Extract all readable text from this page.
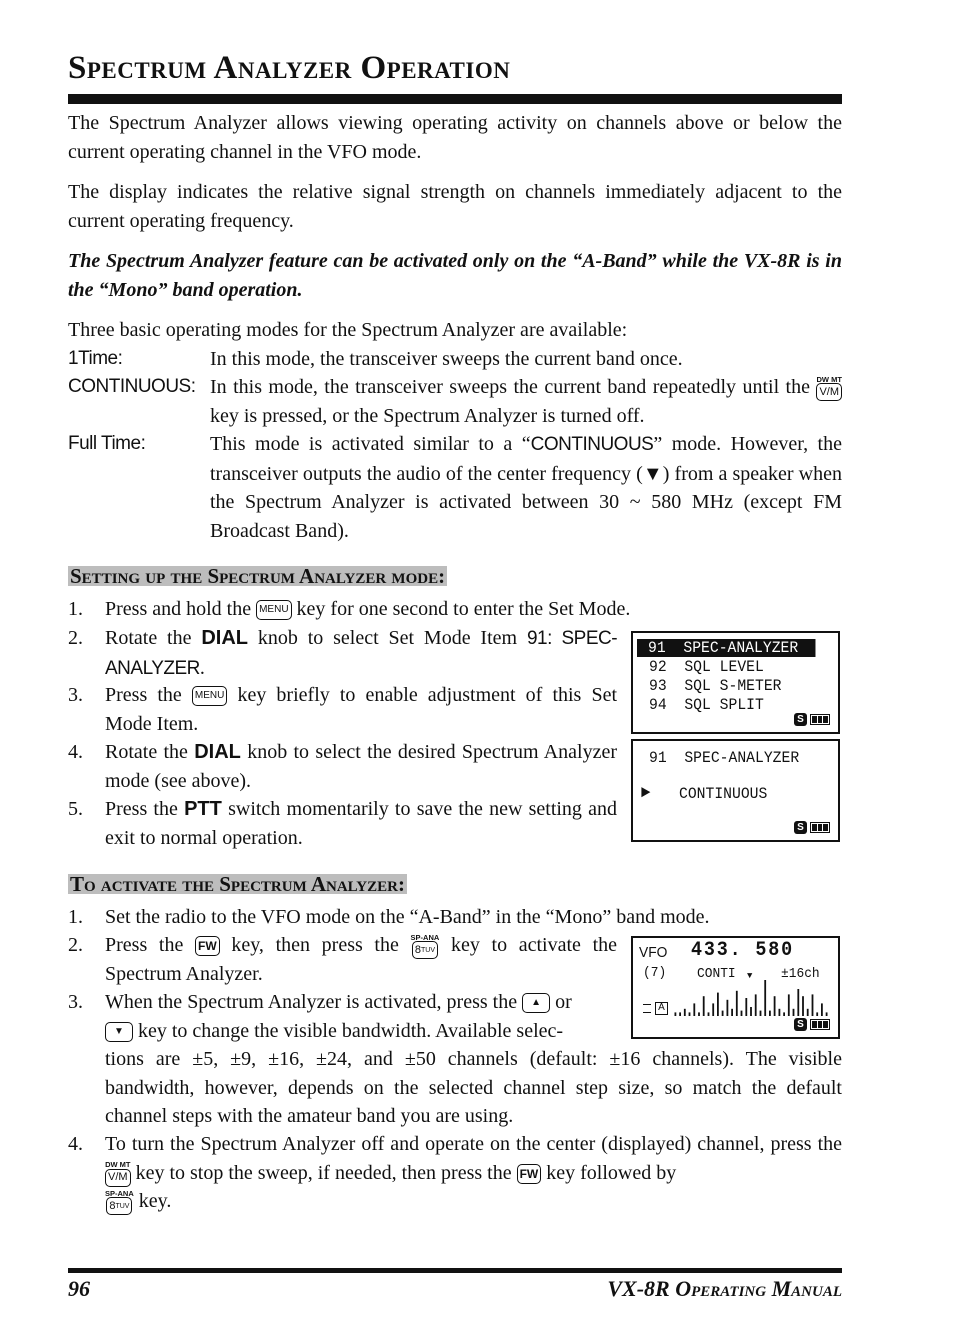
Spectrum Analyzer Operation
The Spectrum Analyzer allows viewing operating activity on channels above or below the current operating channel in the VFO mode.
The display indicates the relative signal strength on channels immediately adjacent to the current operating frequency.
The Spectrum Analyzer feature can be activated only on the “A-Band” while the VX-8R is in the “Mono” band operation.
Three basic operating modes for the Spectrum Analyzer are available:
1Time:	In this mode, the transceiver sweeps the current band once.
CONTINUOUS: In this mode, the transceiver sweeps the current band repeatedly until the DW MT
V/M
key is pressed, or the Spectrum Analyzer is turned off.
Full Time:	This mode is activated similar to a “CONTINUOUS” mode. However, the transceiver outputs the audio of the center frequency (▼) from a speaker when the Spectrum Analyzer is activated between 30 ~ 580 MHz (except FM Broadcast Band).
Setting up the Spectrum Analyzer mode:
1. Press and hold the MENU key for one second to enter the Set Mode.
2. Rotate the DIAL knob to select Set Mode Item 91: SPEC-ANALYZER.
3. Press the MENU key briefly to enable adjustment of this Set Mode Item.
4. Rotate the DIAL knob to select the desired Spectrum Analyzer mode (see above).
5. Press the PTT switch momentarily to save the new setting and exit to normal operation.
91  SPEC-ANALYZER
92  SQL LEVEL
93  SQL S-METER
94  SQL SPLIT
S
91  SPEC-ANALYZER
► CONTINUOUS
S
To activate the Spectrum Analyzer:
1. Set the radio to the VFO mode on the “A-Band” in the “Mono” band mode.
2. Press the FW key, then press the SP-ANA
8 TUV key to activate the Spectrum Analyzer.
3. When the Spectrum Analyzer is activated, press the ▲ or
▼ key to change the visible bandwidth. Available selec-
tions are ±5, ±9, ±16, ±24, and ±50 channels (default: ±16 channels). The visible bandwidth, however, depends on the selected channel step size, so match the default channel steps with the amateur band you are using.
4. To turn the Spectrum Analyzer off and operate on the center (displayed) channel, press the
DW MT
V/M key to stop the sweep, if needed, then press the FW key followed by

SP-ANA
8 TUV key.
VFO 433. 580
(7) CONTI ▼ ±16ch
A
S
96	VX-8R Operating Manual
